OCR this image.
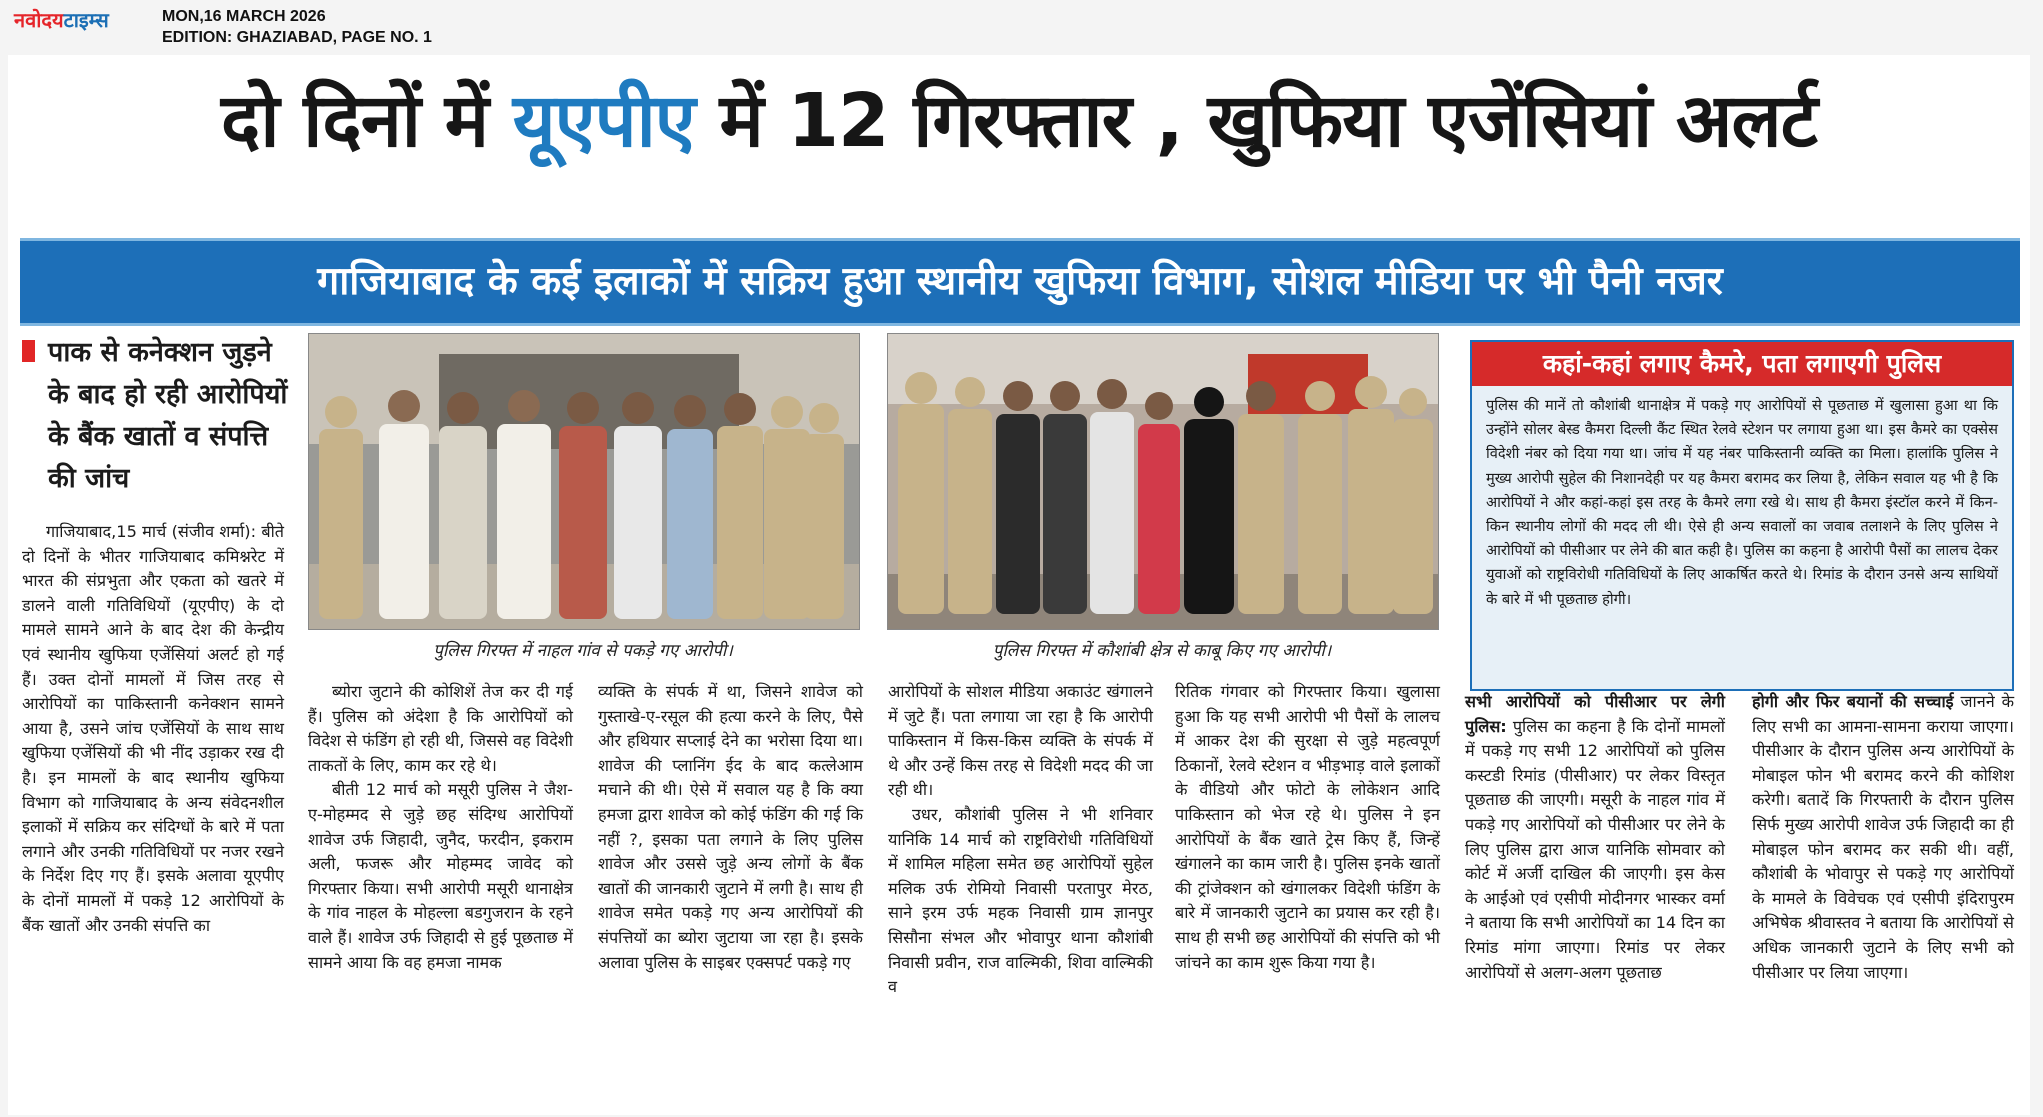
नवोदयटाइम्स	MON,16 MARCH 2026
EDITION: GHAZIABAD, PAGE NO. 1
दो दिनों में यूएपीए में 12 गिरफ्तार , खुफिया एजेंसियां अलर्ट
गाजियाबाद के कई इलाकों में सक्रिय हुआ स्थानीय खुफिया विभाग, सोशल मीडिया पर भी पैनी नजर
पाक से कनेक्शन जुड़ने के बाद हो रही आरोपियों के बैंक खातों व संपत्ति की जांच

गाजियाबाद,15 मार्च (संजीव शर्मा): बीते दो दिनों के भीतर गाजियाबाद कमिश्नरेट में भारत की संप्रभुता और एकता को खतरे में डालने वाली गतिविधियों (यूएपीए) के दो मामले सामने आने के बाद देश की केन्द्रीय एवं स्थानीय खुफिया एजेंसियां अलर्ट हो गई हैं। उक्त दोनों मामलों में जिस तरह से आरोपियों का पाकिस्तानी कनेक्शन सामने आया है, उसने जांच एजेंसियों के साथ साथ खुफिया एजेंसियों की भी नींद उड़ाकर रख दी है। इन मामलों के बाद स्थानीय खुफिया विभाग को गाजियाबाद के अन्य संवेदनशील इलाकों में सक्रिय कर संदिग्धों के बारे में पता लगाने और उनकी गतिविधियों पर नजर रखने के निर्देश दिए गए हैं। इसके अलावा यूएपीए के दोनों मामलों में पकड़े 12 आरोपियों के बैंक खातों और उनकी संपत्ति का

पुलिस गिरफ्त में नाहल गांव से पकड़े गए आरोपी।	पुलिस गिरफ्त में कौशांबी क्षेत्र से काबू किए गए आरोपी।
कहां-कहां लगाए कैमरे, पता लगाएगी पुलिस
पुलिस की मानें तो कौशांबी थानाक्षेत्र में पकड़े गए आरोपियों से पूछताछ में खुलासा हुआ था कि उन्होंने सोलर बेस्ड कैमरा दिल्ली कैंट स्थित रेलवे स्टेशन पर लगाया हुआ था। इस कैमरे का एक्सेस विदेशी नंबर को दिया गया था। जांच में यह नंबर पाकिस्तानी व्यक्ति का मिला। हालांकि पुलिस ने मुख्य आरोपी सुहेल की निशानदेही पर यह कैमरा बरामद कर लिया है, लेकिन सवाल यह भी है कि आरोपियों ने और कहां-कहां इस तरह के कैमरे लगा रखे थे। साथ ही कैमरा इंस्टॉल करने में किन-किन स्थानीय लोगों की मदद ली थी। ऐसे ही अन्य सवालों का जवाब तलाशने के लिए पुलिस ने आरोपियों को पीसीआर पर लेने की बात कही है। पुलिस का कहना है आरोपी पैसों का लालच देकर युवाओं को राष्ट्रविरोधी गतिविधियों के लिए आकर्षित करते थे। रिमांड के दौरान उनसे अन्य साथियों के बारे में भी पूछताछ होगी।

ब्योरा जुटाने की कोशिशें तेज कर दी गई हैं। पुलिस को अंदेशा है कि आरोपियों को विदेश से फंडिंग हो रही थी, जिससे वह विदेशी ताकतों के लिए, काम कर रहे थे।

बीती 12 मार्च को मसूरी पुलिस ने जैश-ए-मोहम्मद से जुड़े छह संदिग्ध आरोपियों शावेज उर्फ जिहादी, जुनैद, फरदीन, इकराम अली, फजरू और मोहम्मद जावेद को गिरफ्तार किया। सभी आरोपी मसूरी थानाक्षेत्र के गांव नाहल के मोहल्ला बडगुजरान के रहने वाले हैं। शावेज उर्फ जिहादी से हुई पूछताछ में सामने आया कि वह हमजा नामक

व्यक्ति के संपर्क में था, जिसने शावेज को गुस्ताखे-ए-रसूल की हत्या करने के लिए, पैसे और हथियार सप्लाई देने का भरोसा दिया था। शावेज की प्लानिंग ईद के बाद कत्लेआम मचाने की थी। ऐसे में सवाल यह है कि क्या हमजा द्वारा शावेज को कोई फंडिंग की गई कि नहीं ?, इसका पता लगाने के लिए पुलिस शावेज और उससे जुड़े अन्य लोगों के बैंक खातों की जानकारी जुटाने में लगी है। साथ ही शावेज समेत पकड़े गए अन्य आरोपियों की संपत्तियों का ब्योरा जुटाया जा रहा है। इसके अलावा पुलिस के साइबर एक्सपर्ट पकड़े गए

आरोपियों के सोशल मीडिया अकाउंट खंगालने में जुटे हैं। पता लगाया जा रहा है कि आरोपी पाकिस्तान में किस-किस व्यक्ति के संपर्क में थे और उन्हें किस तरह से विदेशी मदद की जा रही थी।

उधर, कौशांबी पुलिस ने भी शनिवार यानिकि 14 मार्च को राष्ट्रविरोधी गतिविधियों में शामिल महिला समेत छह आरोपियों सुहेल मलिक उर्फ रोमियो निवासी परतापुर मेरठ, साने इरम उर्फ महक निवासी ग्राम ज्ञानपुर सिसौना संभल और भोवापुर थाना कौशांबी निवासी प्रवीन, राज वाल्मिकी, शिवा वाल्मिकी व

रितिक गंगवार को गिरफ्तार किया। खुलासा हुआ कि यह सभी आरोपी भी पैसों के लालच में आकर देश की सुरक्षा से जुड़े महत्वपूर्ण ठिकानों, रेलवे स्टेशन व भीड़भाड़ वाले इलाकों के वीडियो और फोटो के लोकेशन आदि पाकिस्तान को भेज रहे थे। पुलिस ने इन आरोपियों के बैंक खाते ट्रेस किए हैं, जिन्हें खंगालने का काम जारी है। पुलिस इनके खातों की ट्रांजेक्शन को खंगालकर विदेशी फंडिंग के बारे में जानकारी जुटाने का प्रयास कर रही है। साथ ही सभी छह आरोपियों की संपत्ति को भी जांचने का काम शुरू किया गया है।

सभी आरोपियों को पीसीआर पर लेगी पुलिस: पुलिस का कहना है कि दोनों मामलों में पकड़े गए सभी 12 आरोपियों को पुलिस कस्टडी रिमांड (पीसीआर) पर लेकर विस्तृत पूछताछ की जाएगी। मसूरी के नाहल गांव में पकड़े गए आरोपियों को पीसीआर पर लेने के लिए पुलिस द्वारा आज यानिकि सोमवार को कोर्ट में अर्जी दाखिल की जाएगी। इस केस के आईओ एवं एसीपी मोदीनगर भास्कर वर्मा ने बताया कि सभी आरोपियों का 14 दिन का रिमांड मांगा जाएगा। रिमांड पर लेकर आरोपियों से अलग-अलग पूछताछ

होगी और फिर बयानों की सच्चाई जानने के लिए सभी का आमना-सामना कराया जाएगा। पीसीआर के दौरान पुलिस अन्य आरोपियों के मोबाइल फोन भी बरामद करने की कोशिश करेगी। बतादें कि गिरफ्तारी के दौरान पुलिस सिर्फ मुख्य आरोपी शावेज उर्फ जिहादी का ही मोबाइल फोन बरामद कर सकी थी। वहीं, कौशांबी के भोवापुर से पकड़े गए आरोपियों के मामले के विवेचक एवं एसीपी इंदिरापुरम अभिषेक श्रीवास्तव ने बताया कि आरोपियों से अधिक जानकारी जुटाने के लिए सभी को पीसीआर पर लिया जाएगा।
